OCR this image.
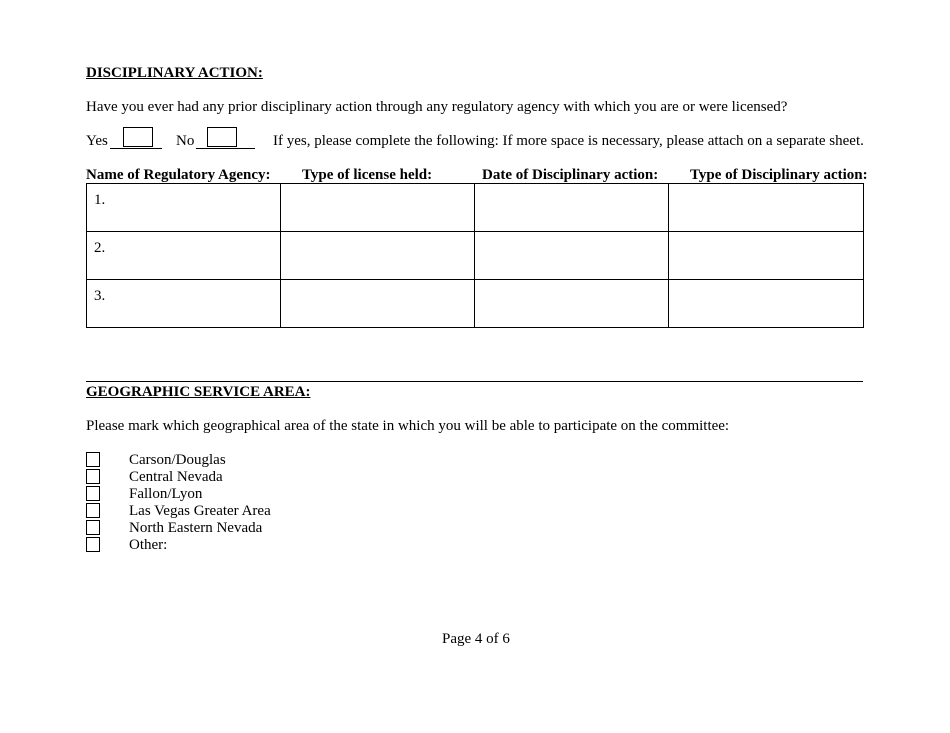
DISCIPLINARY ACTION:
Have you ever had any prior disciplinary action through any regulatory agency with which you are or were licensed?
Yes	No	If yes, please complete the following: If more space is necessary, please attach on a separate sheet.
Name of Regulatory Agency: Type of license held:	Date of Disciplinary action: Type of Disciplinary action:
1.			
2.			
3.			
GEOGRAPHIC SERVICE AREA:
Please mark which geographical area of the state in which you will be able to participate on the committee:
Carson/Douglas
Central Nevada
Fallon/Lyon
Las Vegas Greater Area
North Eastern Nevada
Other:
Page 4 of 6
